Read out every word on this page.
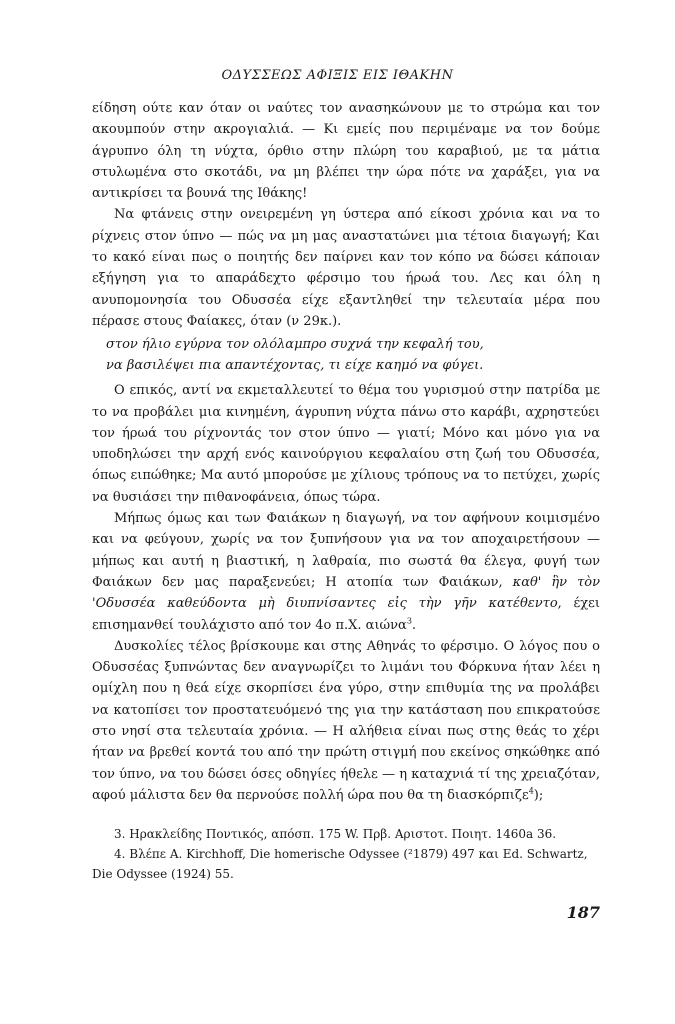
ΟΔΥΣΣΕΩΣ ΑΦΙΞΙΣ ΕΙΣ ΙΘΑΚΗΝ

είδηση ούτε καν όταν οι ναύτες τον ανασηκώνουν με το στρώμα και τον ακουμπούν στην ακρογιαλιά. — Κι εμείς που περιμέναμε να τον δούμε άγρυπνο όλη τη νύχτα, όρθιο στην πλώρη του καραβιού, με τα μάτια στυλωμένα στο σκοτάδι, να μη βλέπει την ώρα πότε να χαράξει, για να αντικρίσει τα βουνά της Ιθάκης!

Να φτάνεις στην ονειρεμένη γη ύστερα από είκοσι χρόνια και να το ρίχνεις στον ύπνο — πώς να μη μας αναστατώνει μια τέτοια διαγωγή; Και το κακό είναι πως ο ποιητής δεν παίρνει καν τον κόπο να δώσει κάποιαν εξήγηση για το απαράδεχτο φέρσιμο του ήρωά του. Λες και όλη η ανυπομονησία του Οδυσσέα είχε εξαντληθεί την τελευταία μέρα που πέρασε στους Φαίακες, όταν (ν 29κ.).

στον ήλιο εγύρνα τον ολόλαμπρο συχνά την κεφαλή του,
να βασιλέψει πια απαντέχοντας, τι είχε καημό να φύγει.

Ο επικός, αντί να εκμεταλλευτεί το θέμα του γυρισμού στην πατρίδα με το να προβάλει μια κινημένη, άγρυπνη νύχτα πάνω στο καράβι, αχρηστεύει τον ήρωά του ρίχνοντάς τον στον ύπνο — γιατί; Μόνο και μόνο για να υποδηλώσει την αρχή ενός καινούργιου κεφαλαίου στη ζωή του Οδυσσέα, όπως ειπώθηκε; Μα αυτό μπορούσε με χίλιους τρόπους να το πετύχει, χωρίς να θυσιάσει την πιθανοφάνεια, όπως τώρα.

Μήπως όμως και των Φαιάκων η διαγωγή, να τον αφήνουν κοιμισμένο και να φεύγουν, χωρίς να τον ξυπνήσουν για να τον αποχαιρετήσουν — μήπως και αυτή η βιαστική, η λαθραία, πιο σωστά θα έλεγα, φυγή των Φαιάκων δεν μας παραξενεύει; Η ατοπία των Φαιάκων, καθ' ἣν τὸν 'Οδυσσέα καθεύδοντα μὴ διυπνίσαντες εἰς τὴν γῆν κατέθεντο, έχει επισημανθεί τουλάχιστο από τον 4ο π.Χ. αιώνα$^3$.

Δυσκολίες τέλος βρίσκουμε και στης Αθηνάς το φέρσιμο. Ο λόγος που ο Οδυσσέας ξυπνώντας δεν αναγνωρίζει το λιμάνι του Φόρκυνα ήταν λέει η ομίχλη που η θεά είχε σκορπίσει ένα γύρο, στην επιθυμία της να προλάβει να κατοπίσει τον προστατευόμενό της για την κατάσταση που επικρατούσε στο νησί στα τελευταία χρόνια. — Η αλήθεια είναι πως στης θεάς το χέρι ήταν να βρεθεί κοντά του από την πρώτη στιγμή που εκείνος σηκώθηκε από τον ύπνο, να του δώσει όσες οδηγίες ήθελε — η καταχνιά τί της χρειαζόταν, αφού μάλιστα δεν θα περνούσε πολλή ώρα που θα τη διασκόρπιζε$^4$);

3. Ηρακλείδης Ποντικός, απόσπ. 175 W. Πρβ. Αριστοτ. Ποιητ. 1460a 36.

4. Βλέπε A. Kirchhoff, Die homerische Odyssee (²1879) 497 και Ed. Schwartz,

Die Odyssee (1924) 55.

187
